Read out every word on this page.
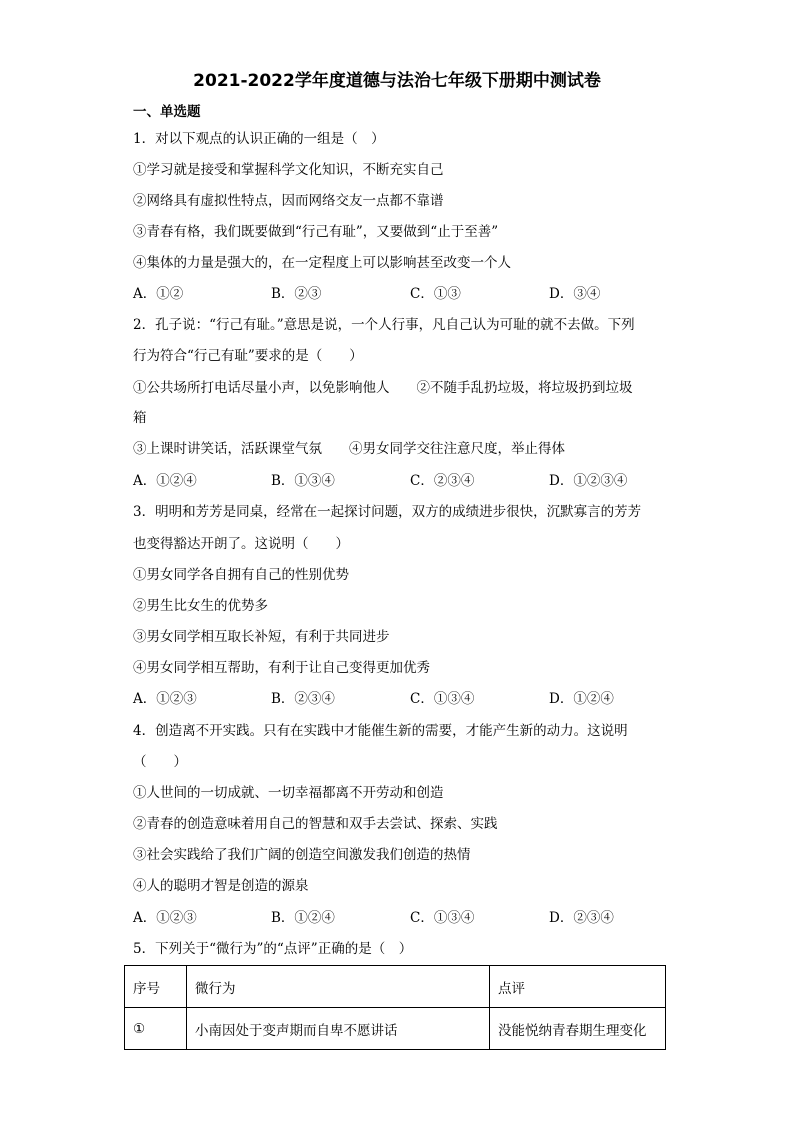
2021-2022学年度道德与法治七年级下册期中测试卷
一、单选题
1．对以下观点的认识正确的一组是（　）
①学习就是接受和掌握科学文化知识，不断充实自己
②网络具有虚拟性特点，因而网络交友一点都不靠谱
③青春有格，我们既要做到“行己有耻”，又要做到“止于至善”
④集体的力量是强大的，在一定程度上可以影响甚至改变一个人
A．①②	B．②③	C．①③	D．③④
2．孔子说：“行己有耻。”意思是说，一个人行事，凡自己认为可耻的就不去做。下列
行为符合“行己有耻”要求的是（　　）
①公共场所打电话尽量小声，以免影响他人　　②不随手乱扔垃圾，将垃圾扔到垃圾
箱
③上课时讲笑话，活跃课堂气氛　　④男女同学交往注意尺度，举止得体
A．①②④	B．①③④	C．②③④	D．①②③④
3．明明和芳芳是同桌，经常在一起探讨问题，双方的成绩进步很快，沉默寡言的芳芳
也变得豁达开朗了。这说明（　　）
①男女同学各自拥有自己的性别优势
②男生比女生的优势多
③男女同学相互取长补短，有利于共同进步
④男女同学相互帮助，有利于让自己变得更加优秀
A．①②③	B．②③④	C．①③④	D．①②④
4．创造离不开实践。只有在实践中才能催生新的需要，才能产生新的动力。这说明
（　　）
①人世间的一切成就、一切幸福都离不开劳动和创造
②青春的创造意味着用自己的智慧和双手去尝试、探索、实践
③社会实践给了我们广阔的创造空间激发我们创造的热情
④人的聪明才智是创造的源泉
A．①②③	B．①②④	C．①③④	D．②③④
5．下列关于“微行为”的“点评”正确的是（　）
序号	微行为	点评
①	小南因处于变声期而自卑不愿讲话	没能悦纳青春期生理变化
